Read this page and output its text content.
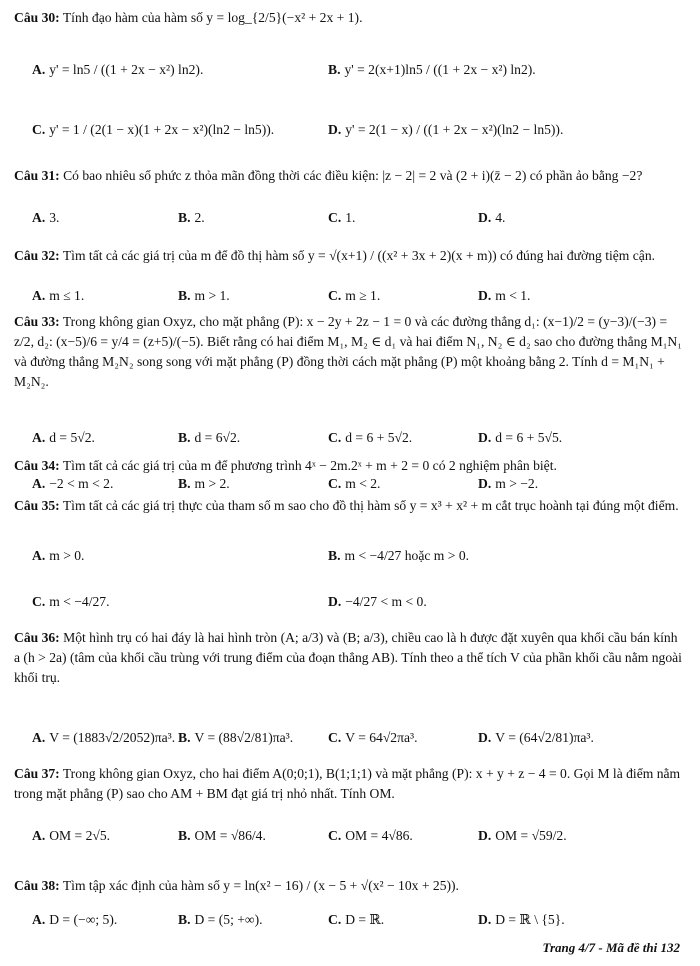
Câu 30: Tính đạo hàm của hàm số y = log_{2/5}(−x² + 2x + 1).
A. y' = ln5 / ((1 + 2x − x²) ln2).	B. y' = 2(x+1)ln5 / ((1 + 2x − x²) ln2).
C. y' = 1 / (2(1 − x)(1 + 2x − x²)(ln2 − ln5)).	D. y' = 2(1 − x) / ((1 + 2x − x²)(ln2 − ln5)).
Câu 31: Có bao nhiêu số phức z thỏa mãn đồng thời các điều kiện: |z − 2| = 2 và (2 + i)(z̄ − 2) có phần ảo bằng −2?
A. 3.	B. 2.	C. 1.	D. 4.
Câu 32: Tìm tất cả các giá trị của m để đồ thị hàm số y = √(x+1) / ((x² + 3x + 2)(x + m)) có đúng hai đường tiệm cận.
A. m ≤ 1.	B. m > 1.	C. m ≥ 1.	D. m < 1.
Câu 33: Trong không gian Oxyz, cho mặt phẳng (P): x − 2y + 2z − 1 = 0 và các đường thẳng d₁: (x−1)/2 = (y−3)/(−3) = z/2, d₂: (x−5)/6 = y/4 = (z+5)/(−5). Biết rằng có hai điểm M₁, M₂ ∈ d₁ và hai điểm N₁, N₂ ∈ d₂ sao cho đường thẳng M₁N₁ và đường thẳng M₂N₂ song song với mặt phẳng (P) đồng thời cách mặt phẳng (P) một khoảng bằng 2. Tính d = M₁N₁ + M₂N₂.
A. d = 5√2.	B. d = 6√2.	C. d = 6 + 5√2.	D. d = 6 + 5√5.
Câu 34: Tìm tất cả các giá trị của m để phương trình 4ˣ − 2m.2ˣ + m + 2 = 0 có 2 nghiệm phân biệt.
A. −2 < m < 2.	B. m > 2.	C. m < 2.	D. m > −2.
Câu 35: Tìm tất cả các giá trị thực của tham số m sao cho đồ thị hàm số y = x³ + x² + m cắt trục hoành tại đúng một điểm.
A. m > 0.	B. m < −4/27 hoặc m > 0.
C. m < −4/27.	D. −4/27 < m < 0.
Câu 36: Một hình trụ có hai đáy là hai hình tròn (A; a/3) và (B; a/3), chiều cao là h được đặt xuyên qua khối cầu bán kính a (h > 2a) (tâm của khối cầu trùng với trung điểm của đoạn thẳng AB). Tính theo a thể tích V của phần khối cầu nằm ngoài khối trụ.
A. V = (1883√2/2052)πa³. B. V = (88√2/81)πa³.	C. V = 64√2πa³.	D. V = (64√2/81)πa³.
Câu 37: Trong không gian Oxyz, cho hai điểm A(0;0;1), B(1;1;1) và mặt phẳng (P): x + y + z − 4 = 0. Gọi M là điểm nằm trong mặt phẳng (P) sao cho AM + BM đạt giá trị nhỏ nhất. Tính OM.
A. OM = 2√5.	B. OM = √86/4.	C. OM = 4√86.	D. OM = √59/2.
Câu 38: Tìm tập xác định của hàm số y = ln(x² − 16) / (x − 5 + √(x² − 10x + 25)).
A. D = (−∞; 5).	B. D = (5; +∞).	C. D = ℝ.	D. D = ℝ \ {5}.
Trang 4/7 - Mã đề thi 132
